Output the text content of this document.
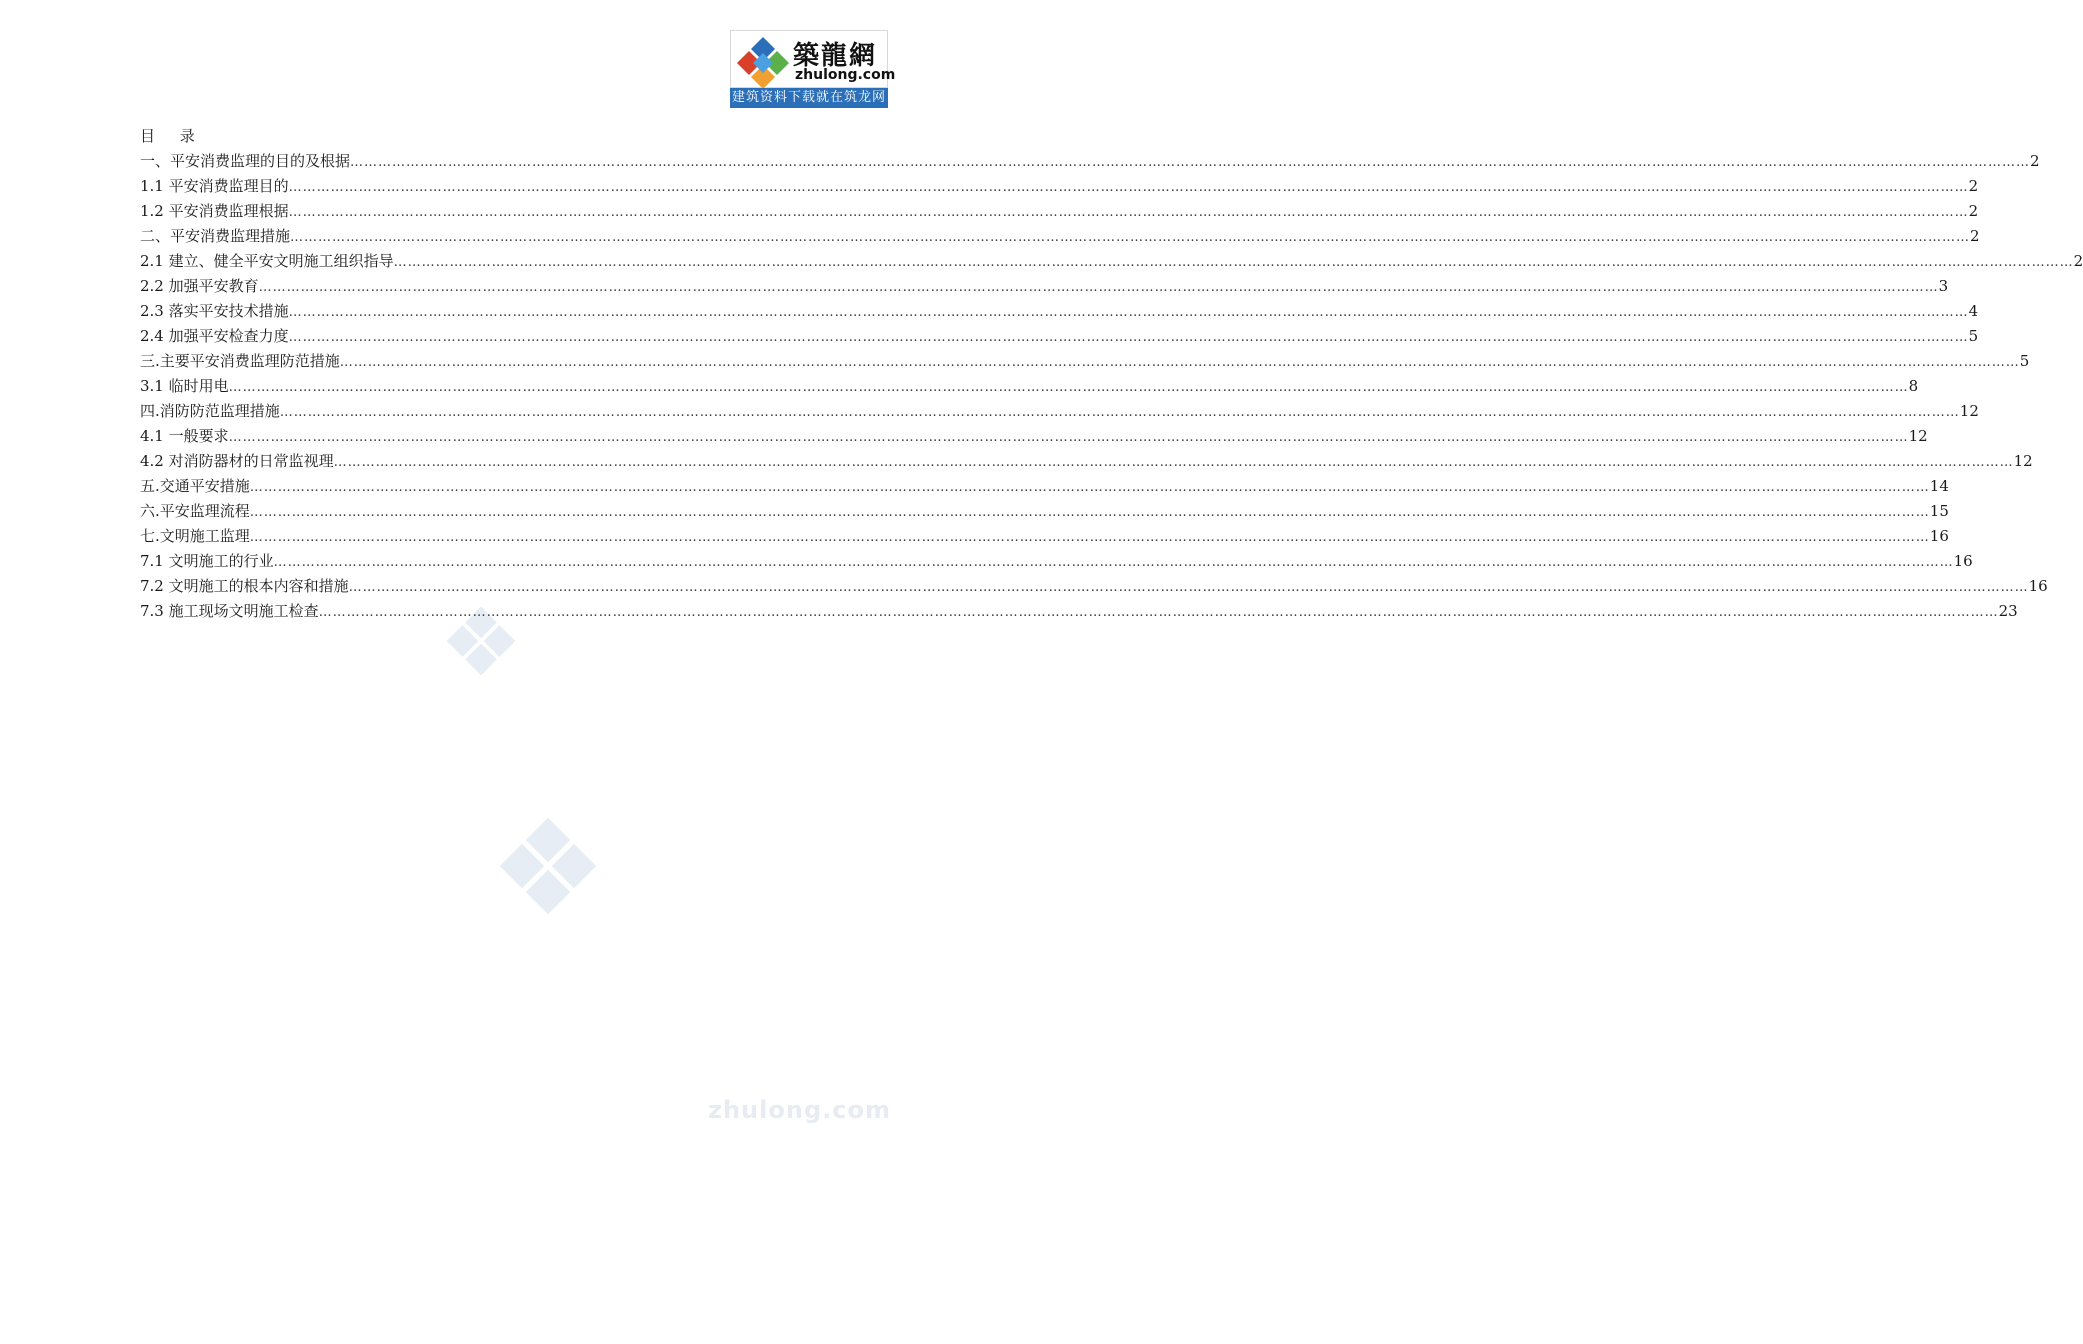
築龍網
zhulong.com
建筑资料下载就在筑龙网
zhulong.com
目 录
一、平安消费监理的目的及根据 ……………………………………………………………………………………………………………………………………………………………………………………………………………………………………………………………………………………………………………………………… 2
1.1 平安消费监理目的 ……………………………………………………………………………………………………………………………………………………………………………………………………………………………………………………………………………………………………………………………… 2
1.2 平安消费监理根据 ……………………………………………………………………………………………………………………………………………………………………………………………………………………………………………………………………………………………………………………………… 2
二、平安消费监理措施 ……………………………………………………………………………………………………………………………………………………………………………………………………………………………………………………………………………………………………………………………… 2
2.1 建立、健全平安文明施工组织指导 ……………………………………………………………………………………………………………………………………………………………………………………………………………………………………………………………………………………………………………………………… 2
2.2 加强平安教育 ……………………………………………………………………………………………………………………………………………………………………………………………………………………………………………………………………………………………………………………………… 3
2.3 落实平安技术措施 ……………………………………………………………………………………………………………………………………………………………………………………………………………………………………………………………………………………………………………………………… 4
2.4 加强平安检查力度 ……………………………………………………………………………………………………………………………………………………………………………………………………………………………………………………………………………………………………………………………… 5
三.主要平安消费监理防范措施 ……………………………………………………………………………………………………………………………………………………………………………………………………………………………………………………………………………………………………………………………… 5
3.1 临时用电 ……………………………………………………………………………………………………………………………………………………………………………………………………………………………………………………………………………………………………………………………… 8
四.消防防范监理措施 ……………………………………………………………………………………………………………………………………………………………………………………………………………………………………………………………………………………………………………………………… 12
4.1 一般要求 ……………………………………………………………………………………………………………………………………………………………………………………………………………………………………………………………………………………………………………………………… 12
4.2 对消防器材的日常监视理 ……………………………………………………………………………………………………………………………………………………………………………………………………………………………………………………………………………………………………………………………… 12
五.交通平安措施 ……………………………………………………………………………………………………………………………………………………………………………………………………………………………………………………………………………………………………………………………… 14
六.平安监理流程 ……………………………………………………………………………………………………………………………………………………………………………………………………………………………………………………………………………………………………………………………… 15
七.文明施工监理 ……………………………………………………………………………………………………………………………………………………………………………………………………………………………………………………………………………………………………………………………… 16
7.1 文明施工的行业 ……………………………………………………………………………………………………………………………………………………………………………………………………………………………………………………………………………………………………………………………… 16
7.2 文明施工的根本内容和措施 ……………………………………………………………………………………………………………………………………………………………………………………………………………………………………………………………………………………………………………………………… 16
7.3 施工现场文明施工检查 ……………………………………………………………………………………………………………………………………………………………………………………………………………………………………………………………………………………………………………………………… 23
